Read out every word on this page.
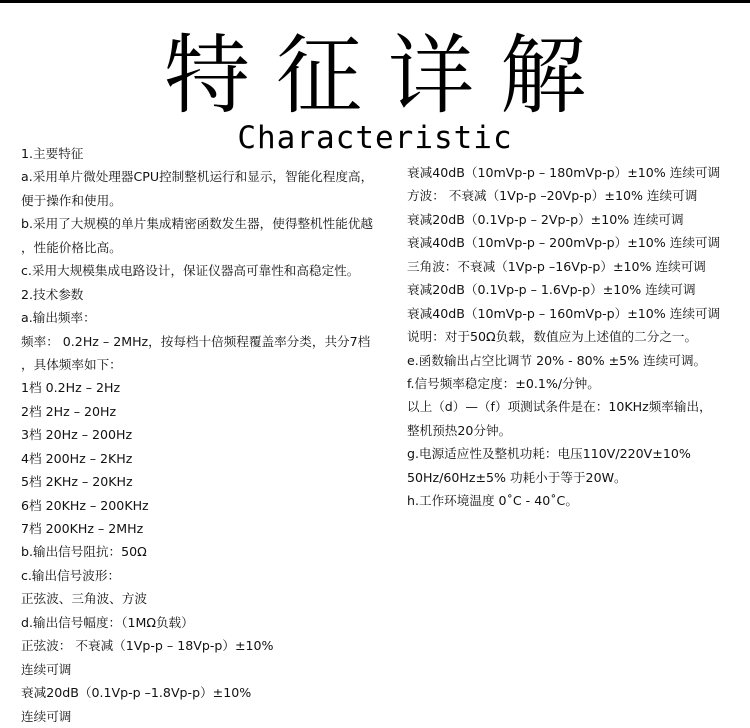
特征详解
Characteristic
1.主要特征
a.采用单片微处理器CPU控制整机运行和显示，智能化程度高，
便于操作和使用。
b.采用了大规模的单片集成精密函数发生器，使得整机性能优越
，性能价格比高。
c.采用大规模集成电路设计，保证仪器高可靠性和高稳定性。
2.技术参数
a.输出频率：
频率： 0.2Hz – 2MHz，按每档十倍频程覆盖率分类，共分7档
，具体频率如下：
1档 0.2Hz – 2Hz
2档 2Hz – 20Hz
3档 20Hz – 200Hz
4档 200Hz – 2KHz
5档 2KHz – 20KHz
6档 20KHz – 200KHz
7档 200KHz – 2MHz
b.输出信号阻抗：50Ω
c.输出信号波形：
正弦波、三角波、方波
d.输出信号幅度：（1MΩ负载）
正弦波： 不衰减（1Vp-p – 18Vp-p）±10%
连续可调
衰减20dB（0.1Vp-p –1.8Vp-p）±10%
连续可调
衰减40dB（10mVp-p – 180mVp-p）±10% 连续可调
方波： 不衰减（1Vp-p –20Vp-p）±10% 连续可调
衰减20dB（0.1Vp-p – 2Vp-p）±10% 连续可调
衰减40dB（10mVp-p – 200mVp-p）±10% 连续可调
三角波：不衰减（1Vp-p –16Vp-p）±10% 连续可调
衰减20dB（0.1Vp-p – 1.6Vp-p）±10% 连续可调
衰减40dB（10mVp-p – 160mVp-p）±10% 连续可调
说明：对于50Ω负载，数值应为上述值的二分之一。
e.函数输出占空比调节 20% - 80% ±5% 连续可调。
f.信号频率稳定度：±0.1%/分钟。
以上（d）—（f）项测试条件是在：10KHz频率输出，
整机预热20分钟。
g.电源适应性及整机功耗：电压110V/220V±10%
50Hz/60Hz±5% 功耗小于等于20W。
h.工作环境温度 0˚C - 40˚C。
